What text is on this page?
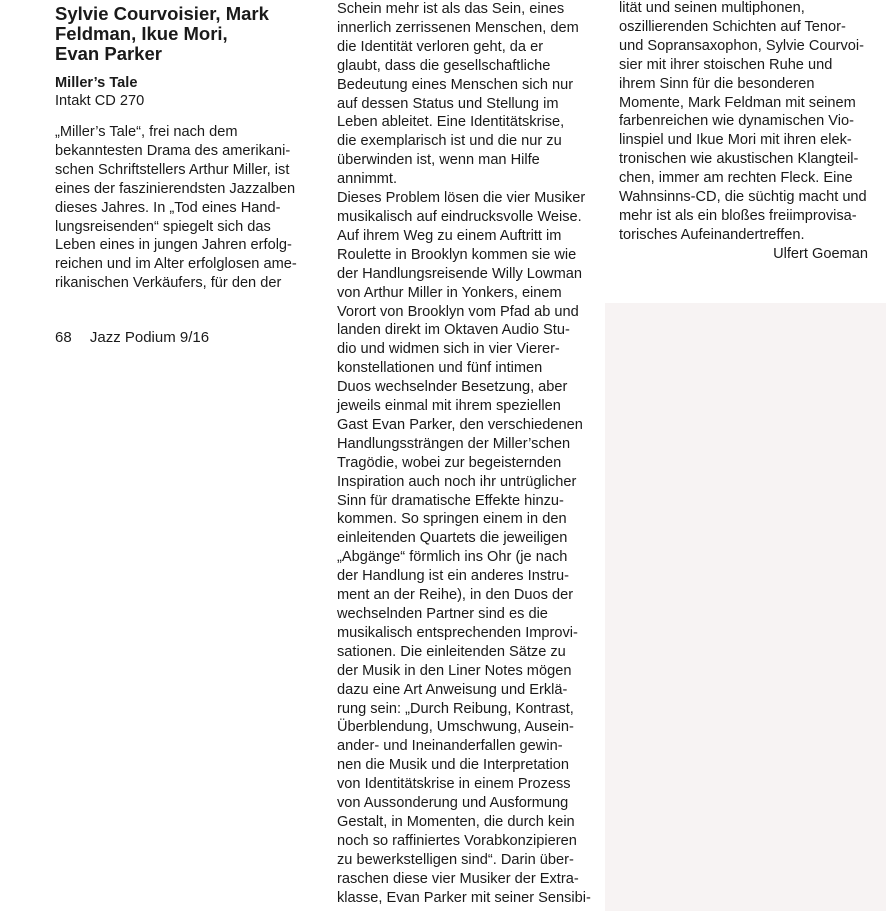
Sylvie Courvoisier, Mark
Feldman, Ikue Mori,
Evan Parker
Miller’s Tale
Intakt CD 270
„Miller’s Tale“, frei nach dem
bekanntesten Drama des amerikani-
schen Schriftstellers Arthur Miller, ist
eines der faszinierendsten Jazzalben
dieses Jahres. In „Tod eines Hand-
lungsreisenden“ spiegelt sich das
Leben eines in jungen Jahren erfolg-
reichen und im Alter erfolglosen ame-
rikanischen Verkäufers, für den der
68 Jazz Podium 9/16
Schein mehr ist als das Sein, eines
innerlich zerrissenen Menschen, dem
die Identität verloren geht, da er
glaubt, dass die gesellschaftliche
Bedeutung eines Menschen sich nur
auf dessen Status und Stellung im
Leben ableitet. Eine Identitätskrise,
die exemplarisch ist und die nur zu
überwinden ist, wenn man Hilfe
annimmt.
Dieses Problem lösen die vier Musiker
musikalisch auf eindrucksvolle Weise.
Auf ihrem Weg zu einem Auftritt im
Roulette in Brooklyn kommen sie wie
der Handlungsreisende Willy Lowman
von Arthur Miller in Yonkers, einem
Vorort von Brooklyn vom Pfad ab und
landen direkt im Oktaven Audio Stu-
dio und widmen sich in vier Vierer-
konstellationen und fünf intimen
Duos wechselnder Besetzung, aber
jeweils einmal mit ihrem speziellen
Gast Evan Parker, den verschiedenen
Handlungssträngen der Miller’schen
Tragödie, wobei zur begeisternden
Inspiration auch noch ihr untrüglicher
Sinn für dramatische Effekte hinzu-
kommen. So springen einem in den
einleitenden Quartets die jeweiligen
„Abgänge“ förmlich ins Ohr (je nach
der Handlung ist ein anderes Instru-
ment an der Reihe), in den Duos der
wechselnden Partner sind es die
musikalisch entsprechenden Improvi-
sationen. Die einleitenden Sätze zu
der Musik in den Liner Notes mögen
dazu eine Art Anweisung und Erklä-
rung sein: „Durch Reibung, Kontrast,
Überblendung, Umschwung, Ausein-
ander- und Ineinanderfallen gewin-
nen die Musik und die Interpretation
von Identitätskrise in einem Prozess
von Aussonderung und Ausformung
Gestalt, in Momenten, die durch kein
noch so raffiniertes Vorabkonzipieren
zu bewerkstelligen sind“. Darin über-
raschen diese vier Musiker der Extra-
klasse, Evan Parker mit seiner Sensibi-
lität und seinen multiphonen,
oszillierenden Schichten auf Tenor-
und Sopransaxophon, Sylvie Courvoi-
sier mit ihrer stoischen Ruhe und
ihrem Sinn für die besonderen
Momente, Mark Feldman mit seinem
farbenreichen wie dynamischen Vio-
linspiel und Ikue Mori mit ihren elek-
tronischen wie akustischen Klangteil-
chen, immer am rechten Fleck. Eine
Wahnsinns-CD, die süchtig macht und
mehr ist als ein bloßes freiimprovisa-
torisches Aufeinandertreffen.
Ulfert Goeman
